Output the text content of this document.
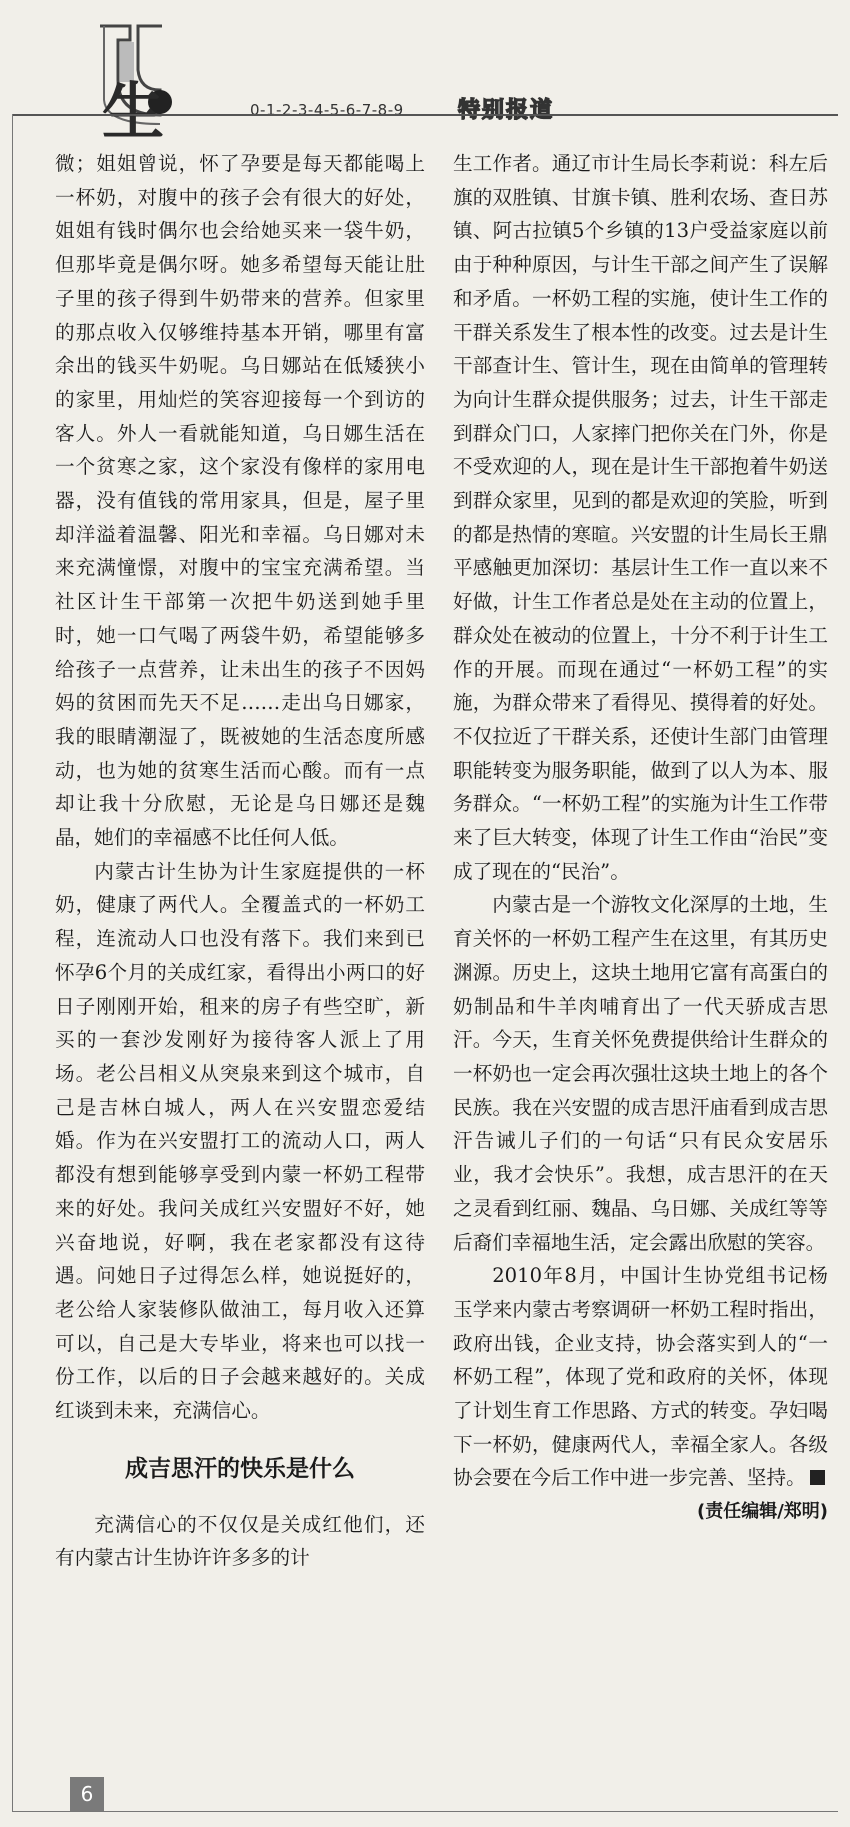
生	0-1-2-3-4-5-6-7-8-9 特别报道

微；姐姐曾说，怀了孕要是每天都能喝上一杯奶，对腹中的孩子会有很大的好处，姐姐有钱时偶尔也会给她买来一袋牛奶，但那毕竟是偶尔呀。她多希望每天能让肚子里的孩子得到牛奶带来的营养。但家里的那点收入仅够维持基本开销，哪里有富余出的钱买牛奶呢。乌日娜站在低矮狭小的家里，用灿烂的笑容迎接每一个到访的客人。外人一看就能知道，乌日娜生活在一个贫寒之家，这个家没有像样的家用电器，没有值钱的常用家具，但是，屋子里却洋溢着温馨、阳光和幸福。乌日娜对未来充满憧憬，对腹中的宝宝充满希望。当社区计生干部第一次把牛奶送到她手里时，她一口气喝了两袋牛奶，希望能够多给孩子一点营养，让未出生的孩子不因妈妈的贫困而先天不足……走出乌日娜家，我的眼睛潮湿了，既被她的生活态度所感动，也为她的贫寒生活而心酸。而有一点却让我十分欣慰，无论是乌日娜还是魏晶，她们的幸福感不比任何人低。

内蒙古计生协为计生家庭提供的一杯奶，健康了两代人。全覆盖式的一杯奶工程，连流动人口也没有落下。我们来到已怀孕6个月的关成红家，看得出小两口的好日子刚刚开始，租来的房子有些空旷，新买的一套沙发刚好为接待客人派上了用场。老公吕相义从突泉来到这个城市，自己是吉林白城人，两人在兴安盟恋爱结婚。作为在兴安盟打工的流动人口，两人都没有想到能够享受到内蒙一杯奶工程带来的好处。我问关成红兴安盟好不好，她兴奋地说，好啊，我在老家都没有这待遇。问她日子过得怎么样，她说挺好的，老公给人家装修队做油工，每月收入还算可以，自己是大专毕业，将来也可以找一份工作，以后的日子会越来越好的。关成红谈到未来，充满信心。

成吉思汗的快乐是什么

充满信心的不仅仅是关成红他们，还有内蒙古计生协许许多多的计

生工作者。通辽市计生局长李莉说：科左后旗的双胜镇、甘旗卡镇、胜利农场、查日苏镇、阿古拉镇5个乡镇的13户受益家庭以前由于种种原因，与计生干部之间产生了误解和矛盾。一杯奶工程的实施，使计生工作的干群关系发生了根本性的改变。过去是计生干部查计生、管计生，现在由简单的管理转为向计生群众提供服务；过去，计生干部走到群众门口，人家摔门把你关在门外，你是不受欢迎的人，现在是计生干部抱着牛奶送到群众家里，见到的都是欢迎的笑脸，听到的都是热情的寒暄。兴安盟的计生局长王鼎平感触更加深切：基层计生工作一直以来不好做，计生工作者总是处在主动的位置上，群众处在被动的位置上，十分不利于计生工作的开展。而现在通过“一杯奶工程”的实施，为群众带来了看得见、摸得着的好处。不仅拉近了干群关系，还使计生部门由管理职能转变为服务职能，做到了以人为本、服务群众。“一杯奶工程”的实施为计生工作带来了巨大转变，体现了计生工作由“治民”变成了现在的“民治”。

内蒙古是一个游牧文化深厚的土地，生育关怀的一杯奶工程产生在这里，有其历史渊源。历史上，这块土地用它富有高蛋白的奶制品和牛羊肉哺育出了一代天骄成吉思汗。今天，生育关怀免费提供给计生群众的一杯奶也一定会再次强壮这块土地上的各个民族。我在兴安盟的成吉思汗庙看到成吉思汗告诫儿子们的一句话“只有民众安居乐业，我才会快乐”。我想，成吉思汗的在天之灵看到红丽、魏晶、乌日娜、关成红等等后裔们幸福地生活，定会露出欣慰的笑容。

2010年8月，中国计生协党组书记杨玉学来内蒙古考察调研一杯奶工程时指出，政府出钱，企业支持，协会落实到人的“一杯奶工程”，体现了党和政府的关怀，体现了计划生育工作思路、方式的转变。孕妇喝下一杯奶，健康两代人，幸福全家人。各级协会要在今后工作中进一步完善、坚持。

(责任编辑/郑明)
6
